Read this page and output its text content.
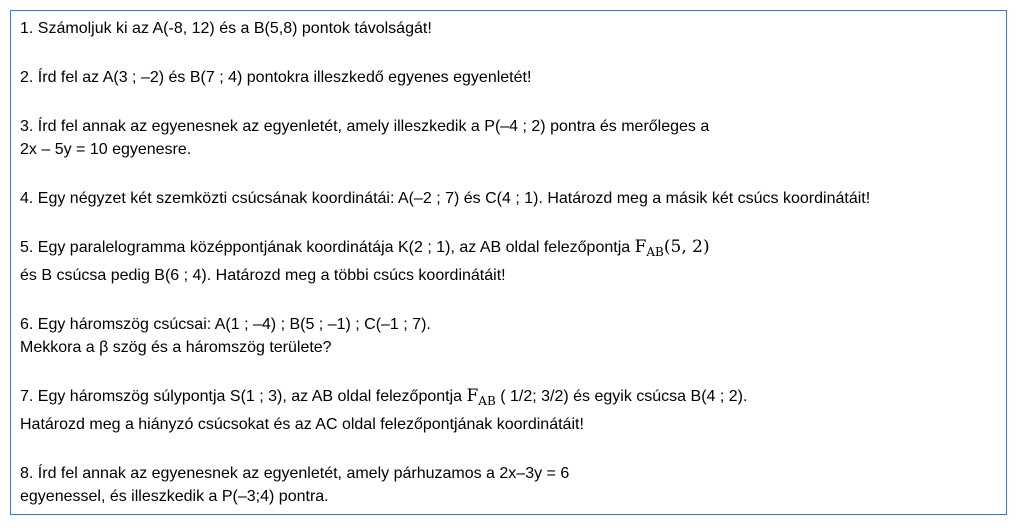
1. Számoljuk ki az A(-8, 12) és a B(5,8) pontok távolságát!

2. Írd fel az A(3 ; –2) és B(7 ; 4) pontokra illeszkedő egyenes egyenletét!

3. Írd fel annak az egyenesnek az egyenletét, amely illeszkedik a P(–4 ; 2) pontra és merőleges a
2x – 5y = 10 egyenesre.

4. Egy négyzet két szemközti csúcsának koordinátái: A(–2 ; 7) és C(4 ; 1). Határozd meg a másik két csúcs koordinátáit!

5. Egy paralelogramma középpontjának koordinátája K(2 ; 1), az AB oldal felezőpontja $F_{AB}(5$, 2)
és B csúcsa pedig B(6 ; 4). Határozd meg a többi csúcs koordinátáit!

6. Egy háromszög csúcsai: A(1 ; –4) ; B(5 ; –1) ; C(–1 ; 7).
Mekkora a β szög és a háromszög területe?

7. Egy háromszög súlypontja S(1 ; 3), az AB oldal felezőpontja $F_{AB}$ ( 1/2; 3/2) és egyik csúcsa B(4 ; 2).
Határozd meg a hiányzó csúcsokat és az AC oldal felezőpontjának koordinátáit!

8. Írd fel annak az egyenesnek az egyenletét, amely párhuzamos a 2x–3y = 6
egyenessel, és illeszkedik a P(–3;4) pontra.
